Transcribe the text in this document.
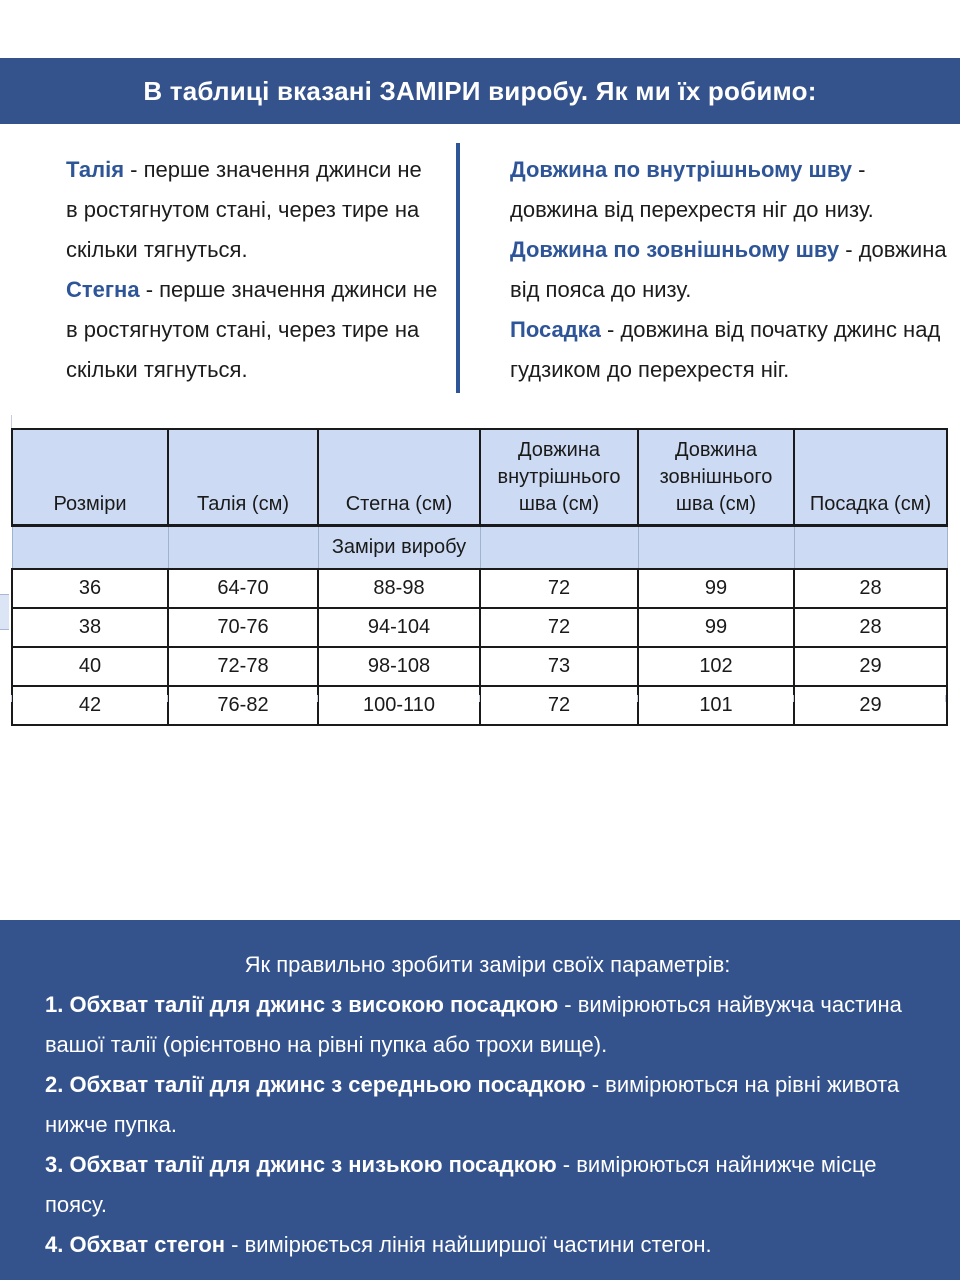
В таблиці вказані ЗАМІРИ виробу. Як ми їх робимо:
Талія - перше значення джинси не в ростягнутом стані, через тире на скільки тягнуться.
Стегна - перше значення джинси не в ростягнутом стані, через тире на скільки тягнуться.
Довжина по внутрішньому шву - довжина від перехрестя ніг до низу.
Довжина по зовнішньому шву - довжина від пояса до низу.
Посадка - довжина від початку джинс над гудзиком до перехрестя ніг.
		Заміри виробу			
Розміри	Талія (см)	Стегна (см)	Довжина внутрішнього шва (см)	Довжина зовнішнього шва (см)	Посадка (см)
36	64-70	88-98	72	99	28
38	70-76	94-104	72	99	28
40	72-78	98-108	73	102	29
42	76-82	100-110	72	101	29

Як правильно зробити заміри своїх параметрів:

1. Обхват талії для джинс з високою посадкою - вимірюються найвужча частина вашої талії (орієнтовно на рівні пупка або трохи вище).

2. Обхват талії для джинс з середньою посадкою - вимірюються на рівні живота нижче пупка.

3. Обхват талії для джинс з низькою посадкою - вимірюються найнижче місце поясу.

4. Обхват стегон - вимірюється лінія найширшої частини стегон.
